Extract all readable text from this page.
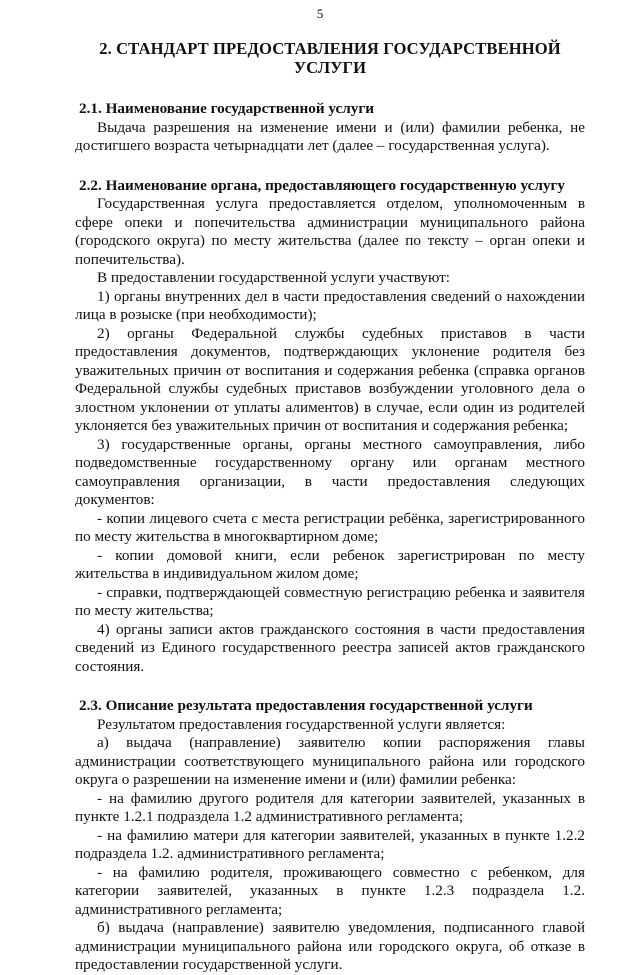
5
2. СТАНДАРТ ПРЕДОСТАВЛЕНИЯ ГОСУДАРСТВЕННОЙ УСЛУГИ
2.1. Наименование государственной услуги

Выдача разрешения на изменение имени и (или) фамилии ребенка, не достигшего возраста четырнадцати лет (далее – государственная услуга).

2.2. Наименование органа, предоставляющего государственную услугу

Государственная услуга предоставляется отделом, уполномоченным в сфере опеки и попечительства администрации муниципального района (городского округа) по месту жительства (далее по тексту – орган опеки и попечительства).

В предоставлении государственной услуги участвуют:

1) органы внутренних дел в части предоставления сведений о нахождении лица в розыске (при необходимости);

2) органы Федеральной службы судебных приставов в части предоставления документов, подтверждающих уклонение родителя без уважительных причин от воспитания и содержания ребенка (справка органов Федеральной службы судебных приставов возбуждении уголовного дела о злостном уклонении от уплаты алиментов) в случае, если один из родителей уклоняется без уважительных причин от воспитания и содержания ребенка;

3) государственные органы, органы местного самоуправления, либо подведомственные государственному органу или органам местного самоуправления организации, в части предоставления следующих документов:

- копии лицевого счета с места регистрации ребёнка, зарегистрированного по месту жительства в многоквартирном доме;

- копии домовой книги, если ребенок зарегистрирован по месту жительства в индивидуальном жилом доме;

- справки, подтверждающей совместную регистрацию ребенка и заявителя по месту жительства;

4) органы записи актов гражданского состояния в части предоставления сведений из Единого государственного реестра записей актов гражданского состояния.

2.3. Описание результата предоставления государственной услуги

Результатом предоставления государственной услуги является:

а) выдача (направление) заявителю копии распоряжения главы администрации соответствующего муниципального района или городского округа о разрешении на изменение имени и (или) фамилии ребенка:

- на фамилию другого родителя для категории заявителей, указанных в пункте 1.2.1 подраздела 1.2 административного регламента;

- на фамилию матери для категории заявителей, указанных в пункте 1.2.2 подраздела 1.2. административного регламента;

- на фамилию родителя, проживающего совместно с ребенком, для категории заявителей, указанных в пункте 1.2.3 подраздела 1.2. административного регламента;

б) выдача (направление) заявителю уведомления, подписанного главой администрации муниципального района или городского округа, об отказе в предоставлении государственной услуги.
